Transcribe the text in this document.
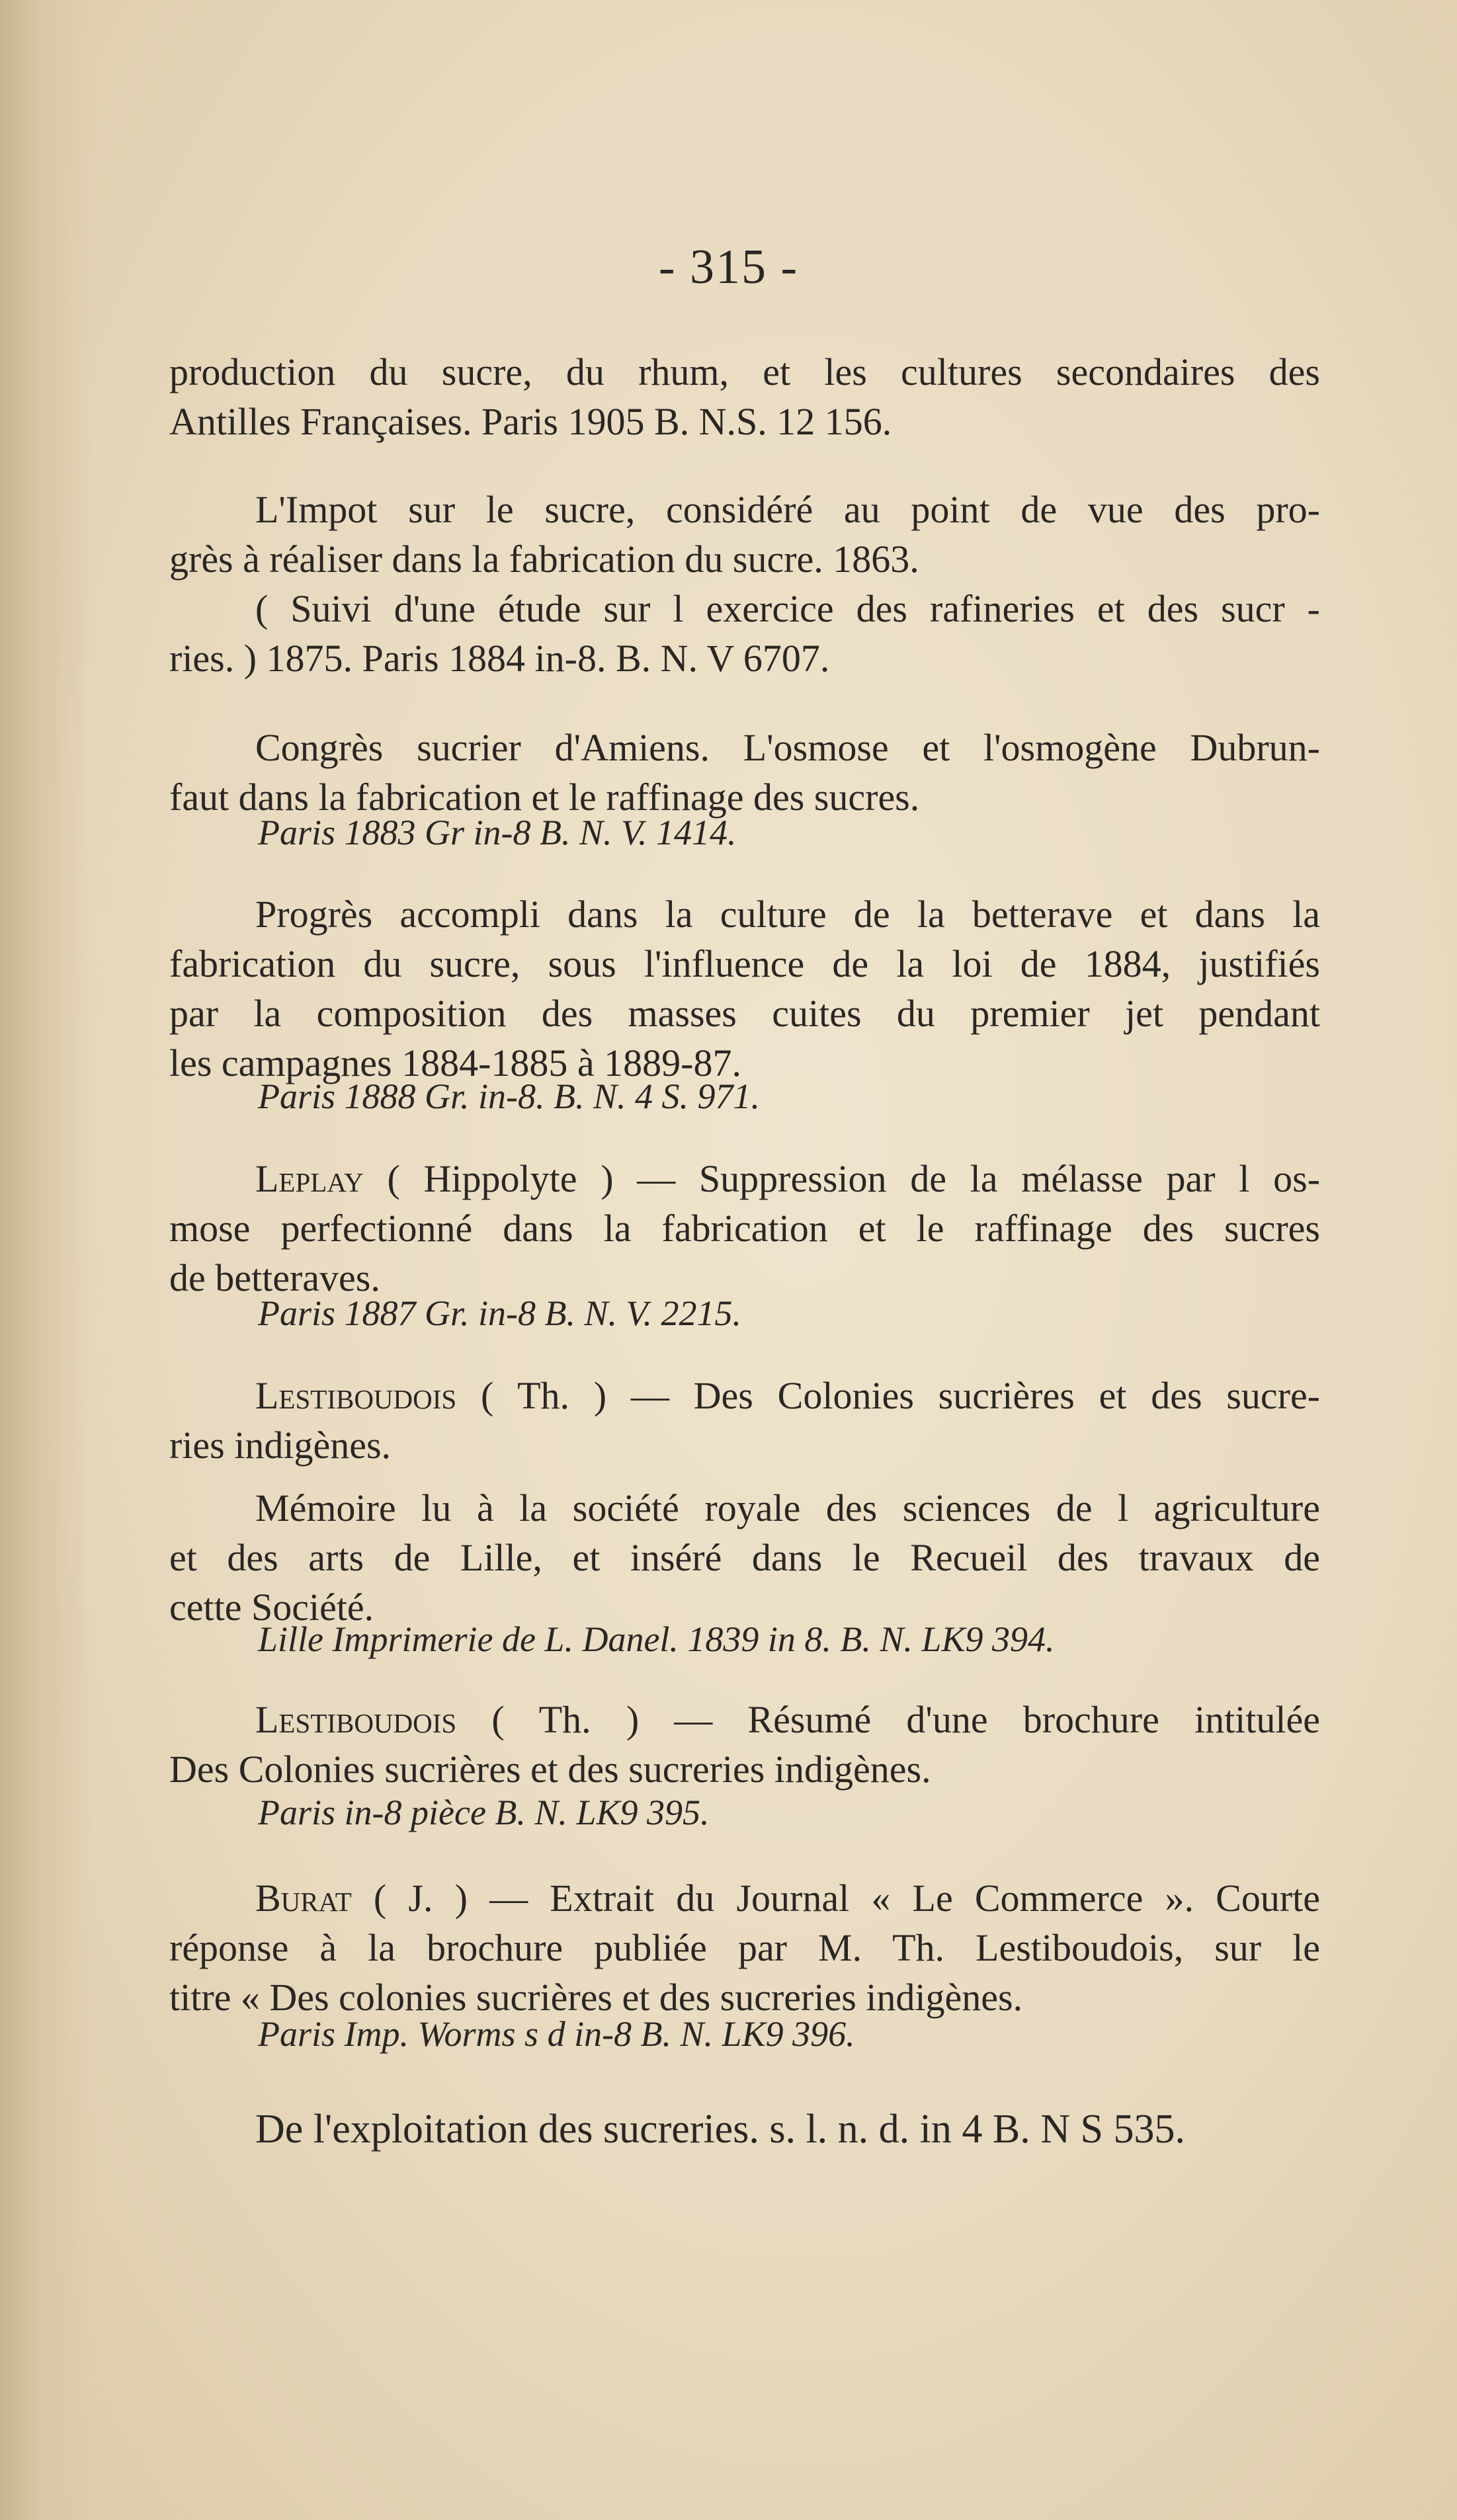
- 315 -

production du sucre, du rhum, et les cultures secondaires des

Antilles Françaises. Paris 1905 B. N.S. 12 156.

L'Impot sur le sucre, considéré au point de vue des pro-

grès à réaliser dans la fabrication du sucre. 1863.

( Suivi d'une étude sur l exercice des rafineries et des sucr -

ries. ) 1875. Paris 1884 in-8. B. N. V 6707.

Congrès sucrier d'Amiens. L'osmose et l'osmogène Dubrun-

faut dans la fabrication et le raffinage des sucres.

Paris 1883 Gr in-8 B. N. V. 1414.

Progrès accompli dans la culture de la betterave et dans la

fabrication du sucre, sous l'influence de la loi de 1884, justifiés

par la composition des masses cuites du premier jet pendant

les campagnes 1884-1885 à 1889-87.

Paris 1888 Gr. in-8. B. N. 4 S. 971.

Leplay ( Hippolyte ) — Suppression de la mélasse par l os-

mose perfectionné dans la fabrication et le raffinage des sucres

de betteraves.

Paris 1887 Gr. in-8 B. N. V. 2215.

Lestiboudois ( Th. ) — Des Colonies sucrières et des sucre-

ries indigènes.

Mémoire lu à la société royale des sciences de l agriculture

et des arts de Lille, et inséré dans le Recueil des travaux de

cette Société.

Lille Imprimerie de L. Danel. 1839 in 8. B. N. LK9 394.

Lestiboudois ( Th. ) — Résumé d'une brochure intitulée

Des Colonies sucrières et des sucreries indigènes.

Paris in-8 pièce B. N. LK9 395.

Burat ( J. ) — Extrait du Journal « Le Commerce ». Courte

réponse à la brochure publiée par M. Th. Lestiboudois, sur le

titre « Des colonies sucrières et des sucreries indigènes.

Paris Imp. Worms s d in-8 B. N. LK9 396.

De l'exploitation des sucreries. s. l. n. d. in 4 B. N S 535.
